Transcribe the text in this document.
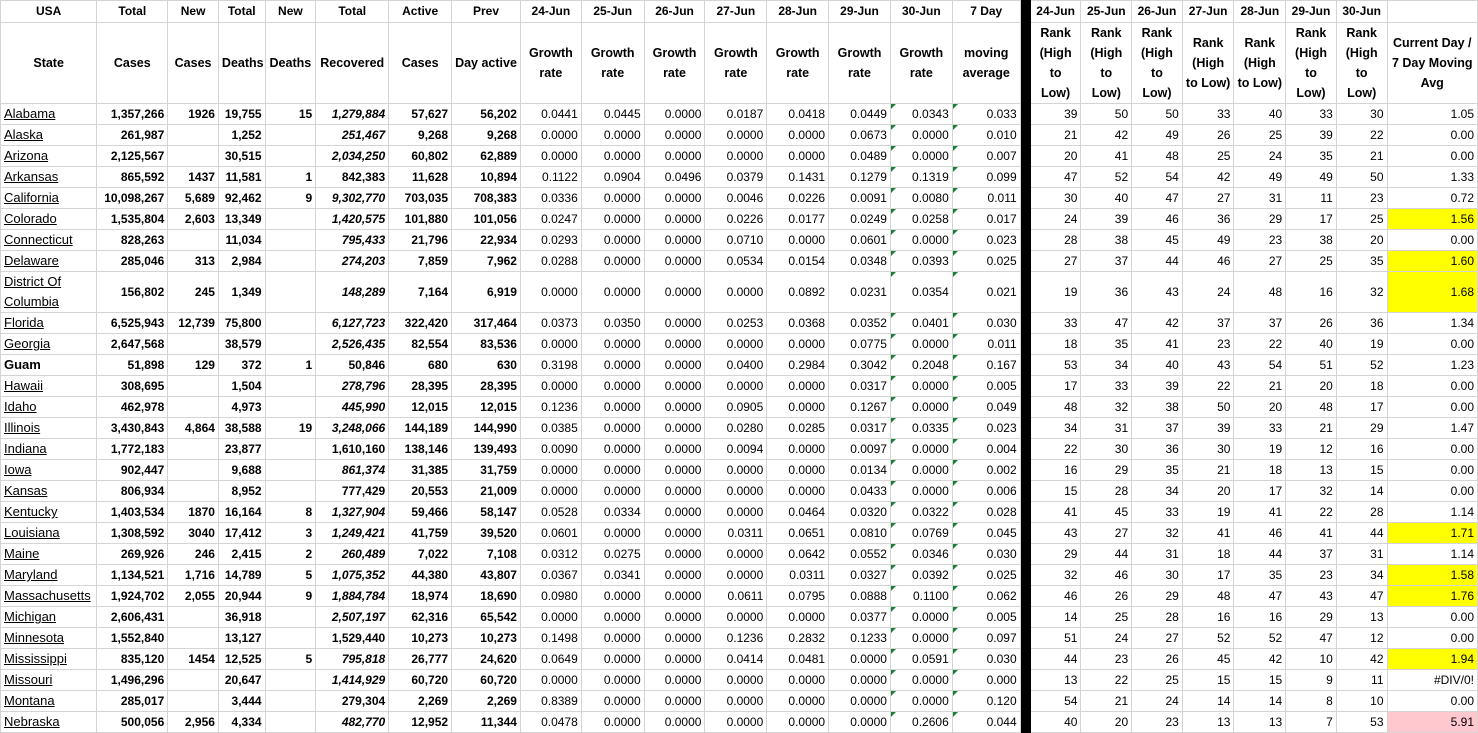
USA	Total	New	Total	New	Total	Active	Prev	24-Jun	25-Jun	26-Jun	27-Jun	28-Jun	29-Jun	30-Jun	7 Day		24-Jun	25-Jun	26-Jun	27-Jun	28-Jun	29-Jun	30-Jun	
State	Cases	Cases	Deaths	Deaths	Recovered	Cases	Day active	Growth rate	Growth rate	Growth rate	Growth rate	Growth rate	Growth rate	Growth rate	moving average		Rank (High to Low)	Rank (High to Low)	Rank (High to Low)	Rank (High to Low)	Rank (High to Low)	Rank (High to Low)	Rank (High to Low)	Current Day / 7 Day Moving Avg
Alabama	1,357,266	1926	19,755	15	1,279,884	57,627	56,202	0.0441	0.0445	0.0000	0.0187	0.0418	0.0449	0.0343	0.033		39	50	50	33	40	33	30	1.05
Alaska	261,987		1,252		251,467	9,268	9,268	0.0000	0.0000	0.0000	0.0000	0.0000	0.0673	0.0000	0.010		21	42	49	26	25	39	22	0.00
Arizona	2,125,567		30,515		2,034,250	60,802	62,889	0.0000	0.0000	0.0000	0.0000	0.0000	0.0489	0.0000	0.007		20	41	48	25	24	35	21	0.00
Arkansas	865,592	1437	11,581	1	842,383	11,628	10,894	0.1122	0.0904	0.0496	0.0379	0.1431	0.1279	0.1319	0.099		47	52	54	42	49	49	50	1.33
California	10,098,267	5,689	92,462	9	9,302,770	703,035	708,383	0.0336	0.0000	0.0000	0.0046	0.0226	0.0091	0.0080	0.011		30	40	47	27	31	11	23	0.72
Colorado	1,535,804	2,603	13,349		1,420,575	101,880	101,056	0.0247	0.0000	0.0000	0.0226	0.0177	0.0249	0.0258	0.017		24	39	46	36	29	17	25	1.56
Connecticut	828,263		11,034		795,433	21,796	22,934	0.0293	0.0000	0.0000	0.0710	0.0000	0.0601	0.0000	0.023		28	38	45	49	23	38	20	0.00
Delaware	285,046	313	2,984		274,203	7,859	7,962	0.0288	0.0000	0.0000	0.0534	0.0154	0.0348	0.0393	0.025		27	37	44	46	27	25	35	1.60
District Of Columbia	156,802	245	1,349		148,289	7,164	6,919	0.0000	0.0000	0.0000	0.0000	0.0892	0.0231	0.0354	0.021		19	36	43	24	48	16	32	1.68
Florida	6,525,943	12,739	75,800		6,127,723	322,420	317,464	0.0373	0.0350	0.0000	0.0253	0.0368	0.0352	0.0401	0.030		33	47	42	37	37	26	36	1.34
Georgia	2,647,568		38,579		2,526,435	82,554	83,536	0.0000	0.0000	0.0000	0.0000	0.0000	0.0775	0.0000	0.011		18	35	41	23	22	40	19	0.00
Guam	51,898	129	372	1	50,846	680	630	0.3198	0.0000	0.0000	0.0400	0.2984	0.3042	0.2048	0.167		53	34	40	43	54	51	52	1.23
Hawaii	308,695		1,504		278,796	28,395	28,395	0.0000	0.0000	0.0000	0.0000	0.0000	0.0317	0.0000	0.005		17	33	39	22	21	20	18	0.00
Idaho	462,978		4,973		445,990	12,015	12,015	0.1236	0.0000	0.0000	0.0905	0.0000	0.1267	0.0000	0.049		48	32	38	50	20	48	17	0.00
Illinois	3,430,843	4,864	38,588	19	3,248,066	144,189	144,990	0.0385	0.0000	0.0000	0.0280	0.0285	0.0317	0.0335	0.023		34	31	37	39	33	21	29	1.47
Indiana	1,772,183		23,877		1,610,160	138,146	139,493	0.0090	0.0000	0.0000	0.0094	0.0000	0.0097	0.0000	0.004		22	30	36	30	19	12	16	0.00
Iowa	902,447		9,688		861,374	31,385	31,759	0.0000	0.0000	0.0000	0.0000	0.0000	0.0134	0.0000	0.002		16	29	35	21	18	13	15	0.00
Kansas	806,934		8,952		777,429	20,553	21,009	0.0000	0.0000	0.0000	0.0000	0.0000	0.0433	0.0000	0.006		15	28	34	20	17	32	14	0.00
Kentucky	1,403,534	1870	16,164	8	1,327,904	59,466	58,147	0.0528	0.0334	0.0000	0.0000	0.0464	0.0320	0.0322	0.028		41	45	33	19	41	22	28	1.14
Louisiana	1,308,592	3040	17,412	3	1,249,421	41,759	39,520	0.0601	0.0000	0.0000	0.0311	0.0651	0.0810	0.0769	0.045		43	27	32	41	46	41	44	1.71
Maine	269,926	246	2,415	2	260,489	7,022	7,108	0.0312	0.0275	0.0000	0.0000	0.0642	0.0552	0.0346	0.030		29	44	31	18	44	37	31	1.14
Maryland	1,134,521	1,716	14,789	5	1,075,352	44,380	43,807	0.0367	0.0341	0.0000	0.0000	0.0311	0.0327	0.0392	0.025		32	46	30	17	35	23	34	1.58
Massachusetts	1,924,702	2,055	20,944	9	1,884,784	18,974	18,690	0.0980	0.0000	0.0000	0.0611	0.0795	0.0888	0.1100	0.062		46	26	29	48	47	43	47	1.76
Michigan	2,606,431		36,918		2,507,197	62,316	65,542	0.0000	0.0000	0.0000	0.0000	0.0000	0.0377	0.0000	0.005		14	25	28	16	16	29	13	0.00
Minnesota	1,552,840		13,127		1,529,440	10,273	10,273	0.1498	0.0000	0.0000	0.1236	0.2832	0.1233	0.0000	0.097		51	24	27	52	52	47	12	0.00
Mississippi	835,120	1454	12,525	5	795,818	26,777	24,620	0.0649	0.0000	0.0000	0.0414	0.0481	0.0000	0.0591	0.030		44	23	26	45	42	10	42	1.94
Missouri	1,496,296		20,647		1,414,929	60,720	60,720	0.0000	0.0000	0.0000	0.0000	0.0000	0.0000	0.0000	0.000		13	22	25	15	15	9	11	#DIV/0!
Montana	285,017		3,444		279,304	2,269	2,269	0.8389	0.0000	0.0000	0.0000	0.0000	0.0000	0.0000	0.120		54	21	24	14	14	8	10	0.00
Nebraska	500,056	2,956	4,334		482,770	12,952	11,344	0.0478	0.0000	0.0000	0.0000	0.0000	0.0000	0.2606	0.044		40	20	23	13	13	7	53	5.91
